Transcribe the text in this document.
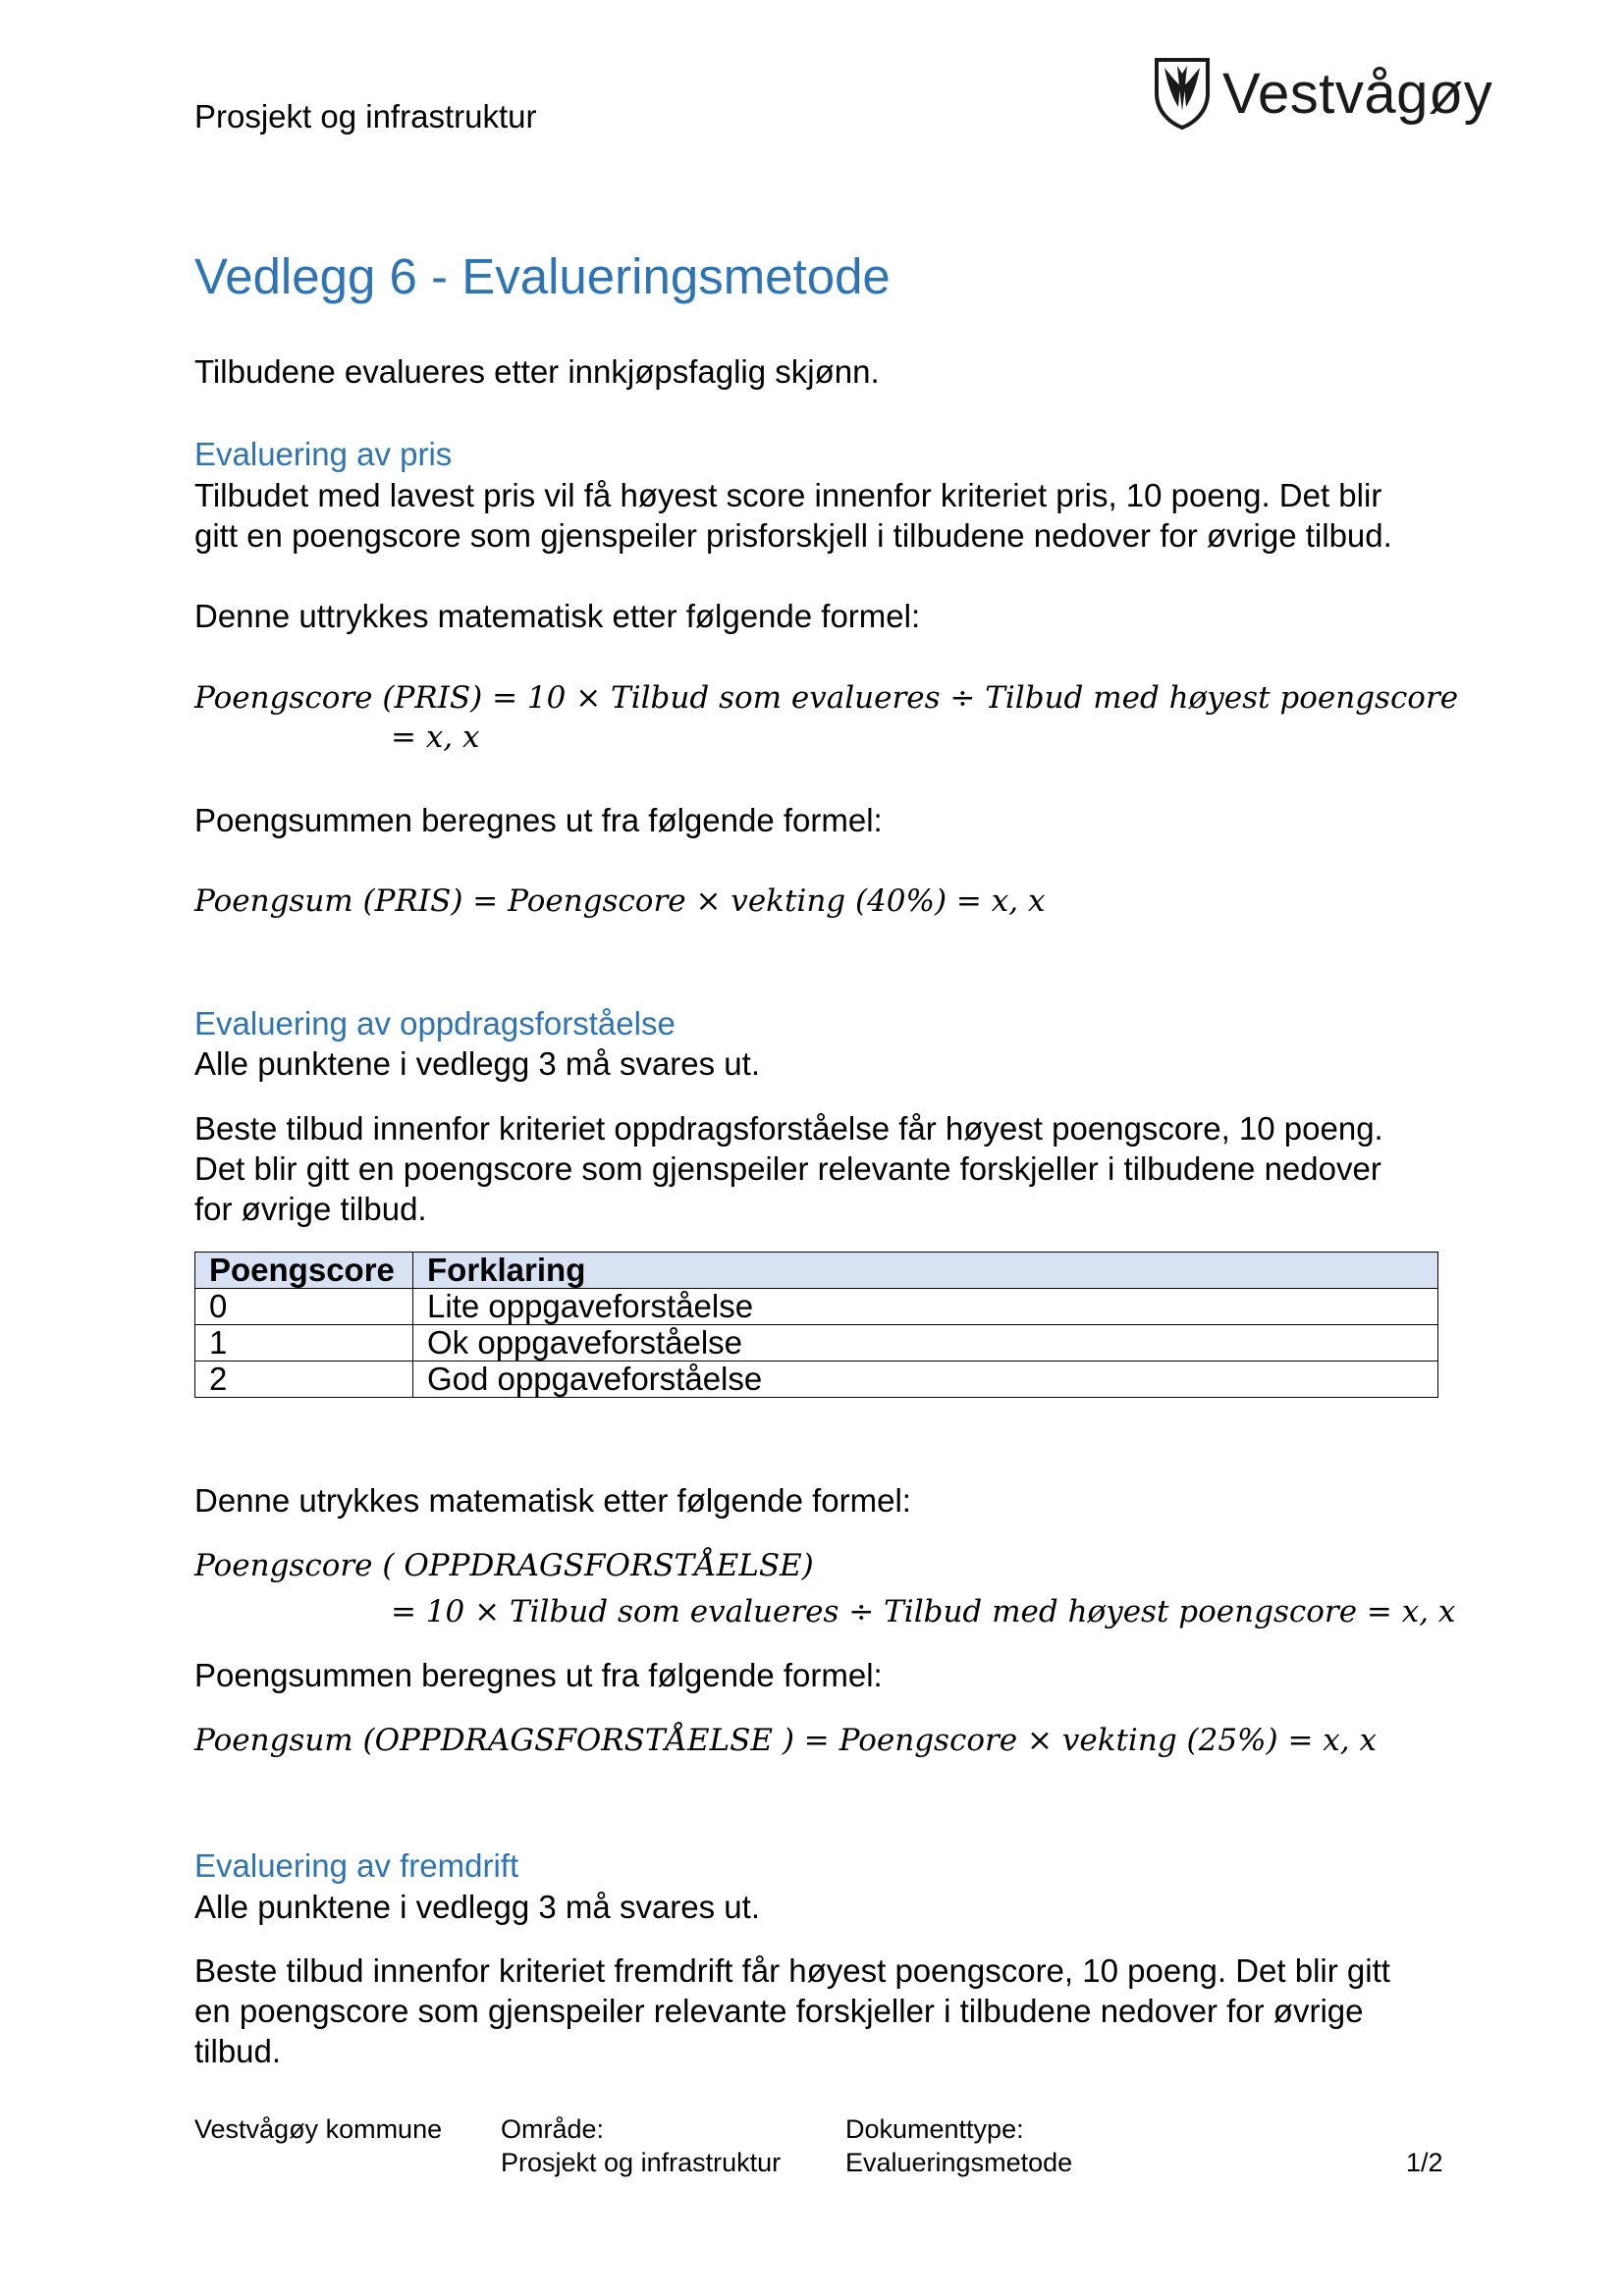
Prosjekt og infrastruktur	Vestvågøy
Vedlegg 6 - Evalueringsmetode
Tilbudene evalueres etter innkjøpsfaglig skjønn.
Evaluering av pris
Tilbudet med lavest pris vil få høyest score innenfor kriteriet pris, 10 poeng. Det blir
gitt en poengscore som gjenspeiler prisforskjell i tilbudene nedover for øvrige tilbud.
Denne uttrykkes matematisk etter følgende formel:
Poengscore (PRIS) = 10 × Tilbud som evalueres ÷ Tilbud med høyest poengscore
= x, x
Poengsummen beregnes ut fra følgende formel:
Poengsum (PRIS) = Poengscore × vekting (40%) = x, x
Evaluering av oppdragsforståelse
Alle punktene i vedlegg 3 må svares ut.
Beste tilbud innenfor kriteriet oppdragsforståelse får høyest poengscore, 10 poeng.
Det blir gitt en poengscore som gjenspeiler relevante forskjeller i tilbudene nedover
for øvrige tilbud.
Poengscore	Forklaring
0	Lite oppgaveforståelse
1	Ok oppgaveforståelse
2	God oppgaveforståelse
Denne utrykkes matematisk etter følgende formel:
Poengscore ( OPPDRAGSFORSTÅELSE)
= 10 × Tilbud som evalueres ÷ Tilbud med høyest poengscore = x, x
Poengsummen beregnes ut fra følgende formel:
Poengsum (OPPDRAGSFORSTÅELSE ) = Poengscore × vekting (25%) = x, x
Evaluering av fremdrift
Alle punktene i vedlegg 3 må svares ut.
Beste tilbud innenfor kriteriet fremdrift får høyest poengscore, 10 poeng. Det blir gitt
en poengscore som gjenspeiler relevante forskjeller i tilbudene nedover for øvrige
tilbud.
Vestvågøy kommune Område:
Prosjekt og infrastruktur
Dokumenttype:
Evalueringsmetode	1/2
